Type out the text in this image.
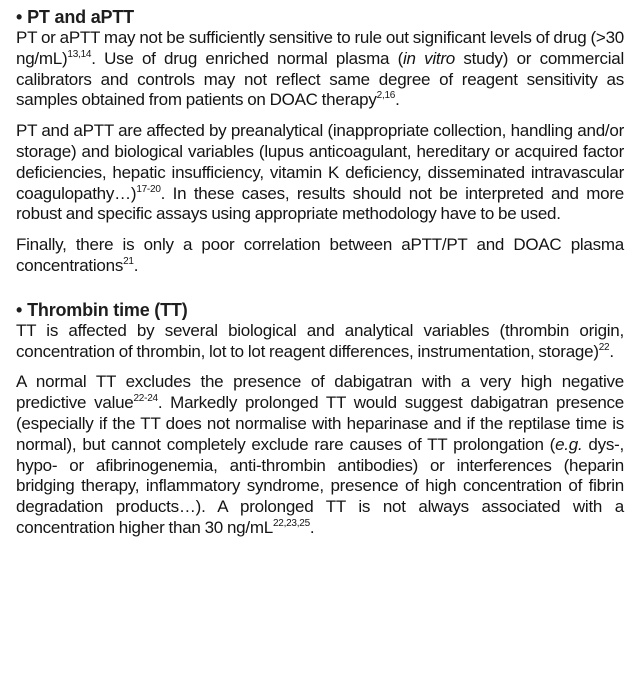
• PT and aPTT

PT or aPTT may not be sufficiently sensitive to rule out significant levels of drug (>30 ng/mL)$^{13,14}$. Use of drug enriched normal plasma (in vitro study) or commercial calibrators and controls may not reflect same degree of reagent sensitivity as samples obtained from patients on DOAC therapy$^{2,16}$.

PT and aPTT are affected by preanalytical (inappropriate collection, handling and/or storage) and biological variables (lupus anticoagulant, hereditary or acquired factor deficiencies, hepatic insufficiency, vitamin K deficiency, disseminated intravascular coagulopathy…)$^{17-20}$. In these cases, results should not be interpreted and more robust and specific assays using appropriate methodology have to be used.

Finally, there is only a poor correlation between aPTT/PT and DOAC plasma concentrations$^{21}$.

• Thrombin time (TT)

TT is affected by several biological and analytical variables (thrombin origin, concentration of thrombin, lot to lot reagent differences, instrumentation, storage)$^{22}$.

A normal TT excludes the presence of dabigatran with a very high negative predictive value$^{22-24}$. Markedly prolonged TT would suggest dabigatran presence (especially if the TT does not normalise with heparinase and if the reptilase time is normal), but cannot completely exclude rare causes of TT prolongation (e.g. dys-, hypo- or afibrinogenemia, anti-thrombin antibodies) or interferences (heparin bridging therapy, inflammatory syndrome, presence of high concentration of fibrin degradation products…). A prolonged TT is not always associated with a concentration higher than 30 ng/mL$^{22,23,25}$.
